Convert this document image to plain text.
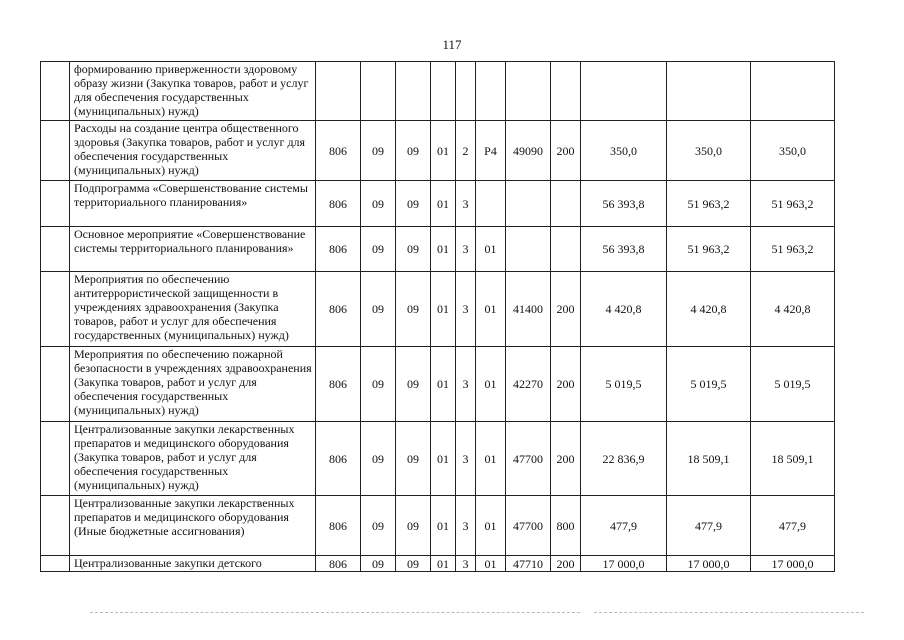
117
	формированию приверженности здоровому образу жизни (Закупка товаров, работ и услуг для обеспечения государственных (муниципальных) нужд)											
	Расходы на создание центра общественного здоровья (Закупка товаров, работ и услуг для обеспечения государственных (муниципальных) нужд)	806	09	09	01	2	P4	49090	200	350,0	350,0	350,0
	Подпрограмма «Совершенствование системы территориального планирования»	806	09	09	01	3				56 393,8	51 963,2	51 963,2
	Основное мероприятие «Совершенствование системы территориального планирования»	806	09	09	01	3	01			56 393,8	51 963,2	51 963,2
	Мероприятия по обеспечению антитеррористической защищенности в учреждениях здравоохранения (Закупка товаров, работ и услуг для обеспечения государственных (муниципальных) нужд)	806	09	09	01	3	01	41400	200	4 420,8	4 420,8	4 420,8
	Мероприятия по обеспечению пожарной безопасности в учреждениях здравоохранения (Закупка товаров, работ и услуг для обеспечения государственных (муниципальных) нужд)	806	09	09	01	3	01	42270	200	5 019,5	5 019,5	5 019,5
	Централизованные закупки лекарственных препаратов и медицинского оборудования (Закупка товаров, работ и услуг для обеспечения государственных (муниципальных) нужд)	806	09	09	01	3	01	47700	200	22 836,9	18 509,1	18 509,1
	Централизованные закупки лекарственных препаратов и медицинского оборудования (Иные бюджетные ассигнования)	806	09	09	01	3	01	47700	800	477,9	477,9	477,9
	Централизованные закупки детского	806	09	09	01	3	01	47710	200	17 000,0	17 000,0	17 000,0
